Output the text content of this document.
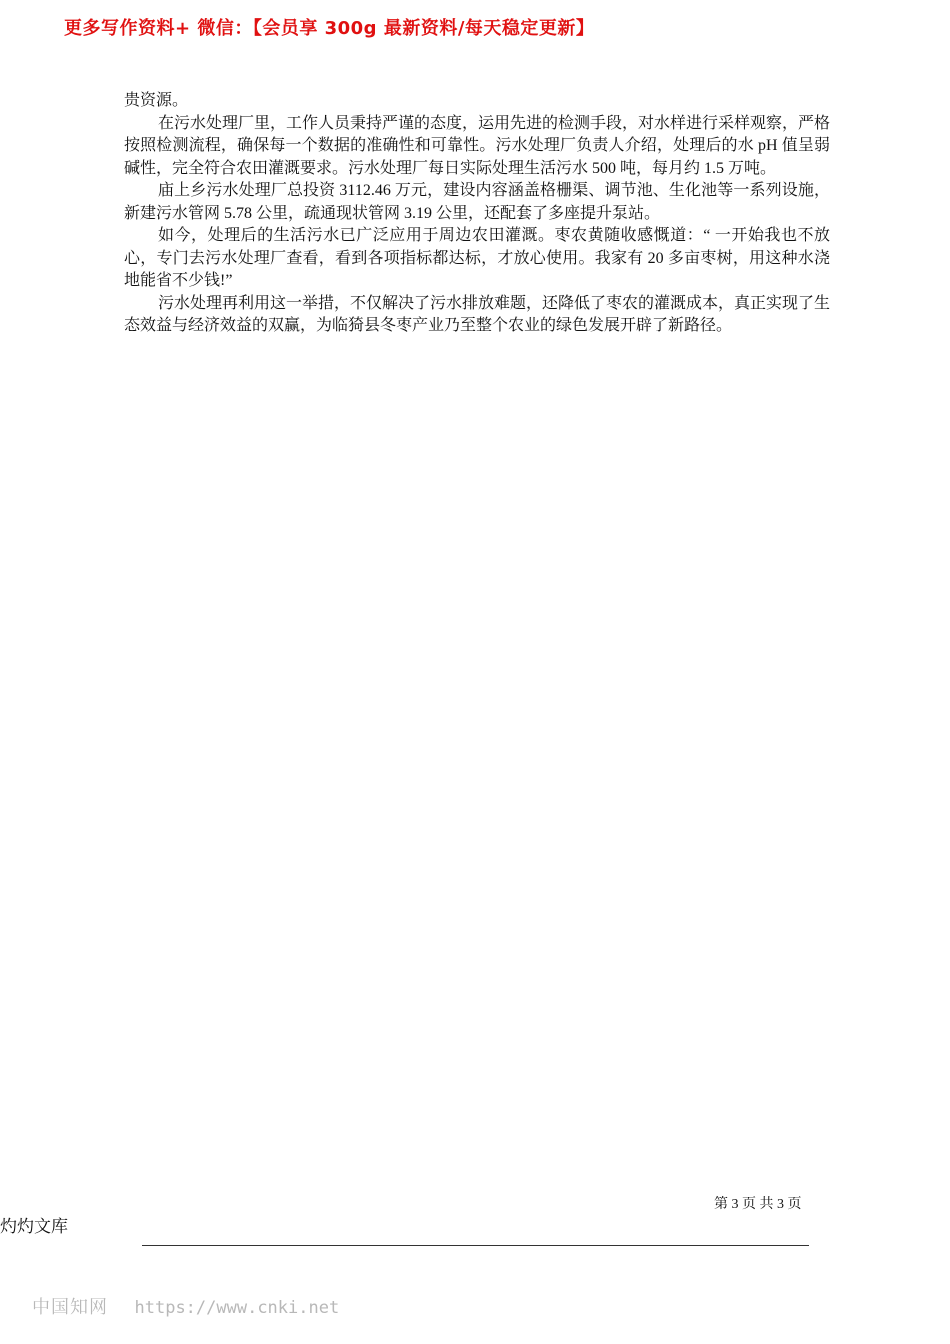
更多写作资料+ 微信：【会员享 300g 最新资料/每天稳定更新】

贵资源。

在污水处理厂里，工作人员秉持严谨的态度，运用先进的检测手段，对水样进行采样观察，严格按照检测流程，确保每一个数据的准确性和可靠性。污水处理厂负责人介绍，处理后的水 pH 值呈弱碱性，完全符合农田灌溉要求。污水处理厂每日实际处理生活污水 500 吨，每月约 1.5 万吨。

庙上乡污水处理厂总投资 3112.46 万元，建设内容涵盖格栅渠、调节池、生化池等一系列设施，新建污水管网 5.78 公里，疏通现状管网 3.19 公里，还配套了多座提升泵站。

如今，处理后的生活污水已广泛应用于周边农田灌溉。枣农黄随收感慨道：“ 一开始我也不放心，专门去污水处理厂查看，看到各项指标都达标，才放心使用。我家有 20 多亩枣树，用这种水浇地能省不少钱!”

污水处理再利用这一举措，不仅解决了污水排放难题，还降低了枣农的灌溉成本，真正实现了生态效益与经济效益的双赢，为临猗县冬枣产业乃至整个农业的绿色发展开辟了新路径。

第 3 页 共 3 页
灼灼文库
中国知网 https://www.cnki.net
